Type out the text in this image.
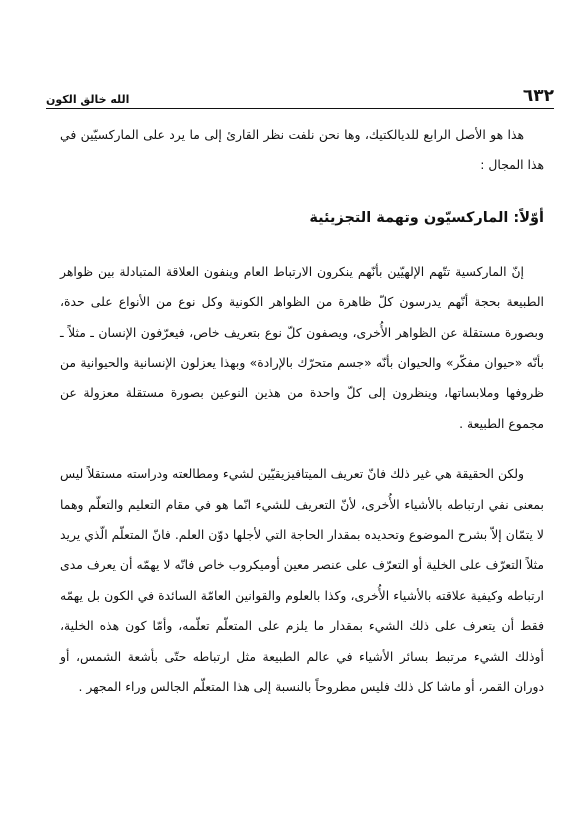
٦٣٢
الله خالق الكون

هذا هو الأصل الرابع للديالكتيك، وها نحن نلفت نظر القارئ إلى ما يرد على الماركسيّين في هذا المجال :

أوّلاً: الماركسيّون وتهمة التجزيئية

إنّ الماركسية تتّهم الإلهيّين بأنّهم ينكرون الارتباط العام وينفون العلاقة المتبادلة بين ظواهر الطبيعة بحجة أنّهم يدرسون كلّ ظاهرة من الظواهر الكونية وكل نوع من الأنواع على حدة، وبصورة مستقلة عن الظواهر الأُخرى، ويصفون كلّ نوع بتعريف خاص، فيعرّفون الإنسان ـ مثلاً ـ بأنّه «حيوان مفكّر» والحيوان بأنّه «جسم متحرّك بالإرادة» وبهذا يعزلون الإنسانية والحيوانية من ظروفها وملابساتها، وينظرون إلى كلّ واحدة من هذين النوعين بصورة مستقلة معزولة عن مجموع الطبيعة .

ولكن الحقيقة هي غير ذلك فانّ تعريف الميتافيزيقيّين لشيء ومطالعته ودراسته مستقلاً ليس بمعنى نفي ارتباطه بالأشياء الأُخرى، لأنّ التعريف للشيء انّما هو في مقام التعليم والتعلّم وهما لا يتمّان إلاّ بشرح الموضوع وتحديده بمقدار الحاجة التي لأجلها دوّن العلم. فانّ المتعلّم الّذي يريد مثلاً التعرّف على الخلية أو التعرّف على عنصر معين أوميكروب خاص فانّه لا يهمّه أن يعرف مدى ارتباطه وكيفية علاقته بالأشياء الأُخرى، وكذا بالعلوم والقوانين العامّة السائدة في الكون بل يهمّه فقط أن يتعرف على ذلك الشيء بمقدار ما يلزم على المتعلّم تعلّمه، وأمّا كون هذه الخلية، أوذلك الشيء مرتبط بسائر الأشياء في عالم الطبيعة مثل ارتباطه حتّى بأشعة الشمس، أو دوران القمر، أو ماشا كل ذلك فليس مطروحاً بالنسبة إلى هذا المتعلّم الجالس وراء المجهر .
